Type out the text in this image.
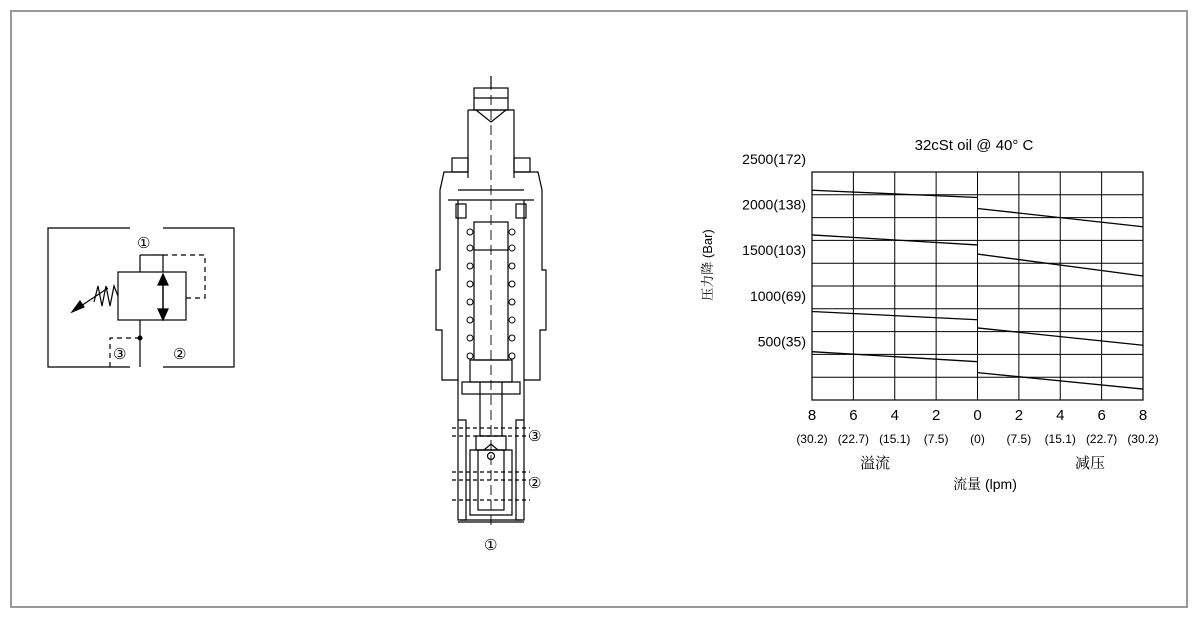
①
③	②
③
②
①
32cSt oil @ 40° C
压力降 (Bar)
2500(172)
2000(138)
1500(103)
1000(69)
500(35)
8
(30.2)
6
(22.7)
4
(15.1)
2
(7.5)
0
(0)
2
(7.5)
4
(15.1)
6
(22.7)
8
(30.2)
溢流	减压
流量 (lpm)
